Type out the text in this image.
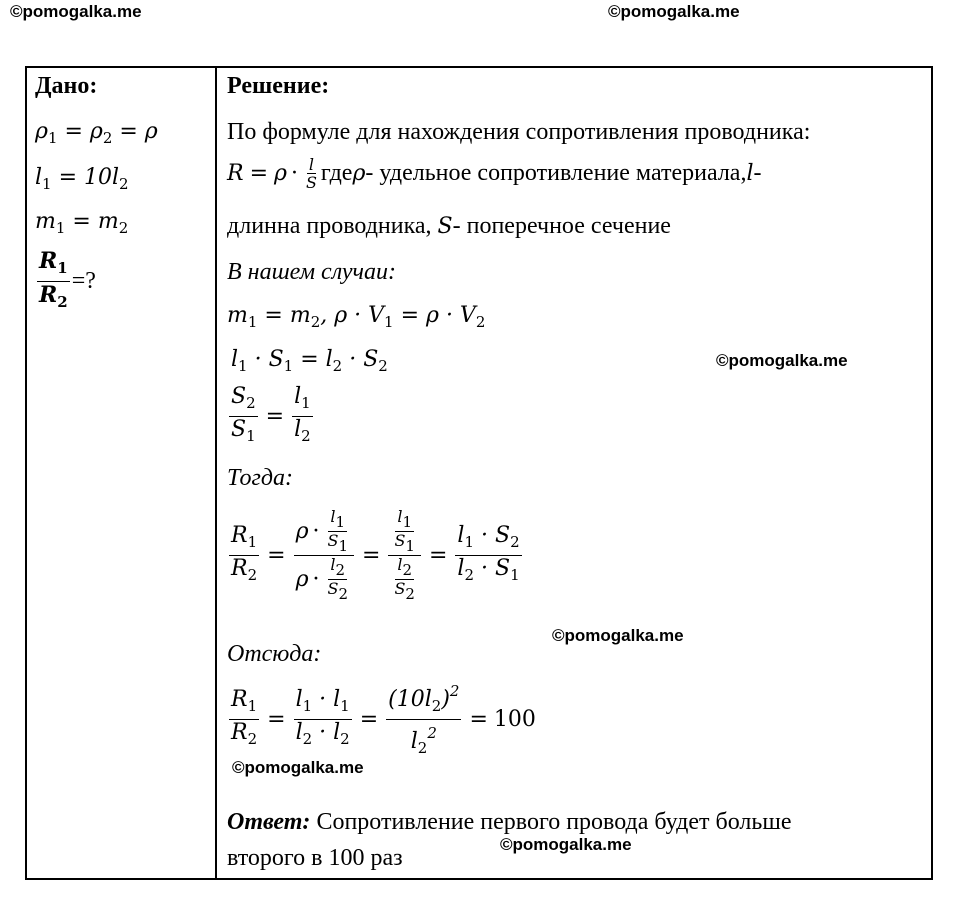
©pomogalka.me	©pomogalka.me
©pomogalka.me
©pomogalka.me
©pomogalka.me
©pomogalka.me
Дано:
$\rho_1 = \rho_2 = \rho$
$l_1 = 10l_2$
$m_1 = m_2$
$\frac{R_1}{R_2}$ =?
Решение:
По формуле для нахождения сопротивления проводника:
$R = \rho \cdot \frac{l}{S}$ где ρ - удельное сопротивление материала, l -
длинна проводника, S- поперечное сечение
В нашем случаи:
$m_1 = m_2$, $\rho \cdot V_1 = \rho \cdot V_2$
$l_1 \cdot S_1 = l_2 \cdot S_2$
$\frac{S_2}{S_1} = \frac{l_1}{l_2}$
Тогда:
$\frac{R_1}{R_2} = \frac{\rho \cdot \frac{l_1}{S_1}}{\rho \cdot \frac{l_2}{S_2}} = \frac{\frac{l_1}{S_1}}{\frac{l_2}{S_2}} = \frac{l_1 \cdot S_2}{l_2 \cdot S_1}$
Отсюда:
$\frac{R_1}{R_2} = \frac{l_1 \cdot l_1}{l_2 \cdot l_2} = \frac{(10l_2)^2}{l_2^2} = 100$
Ответ: Сопротивление первого провода будет больше
второго в 100 раз
